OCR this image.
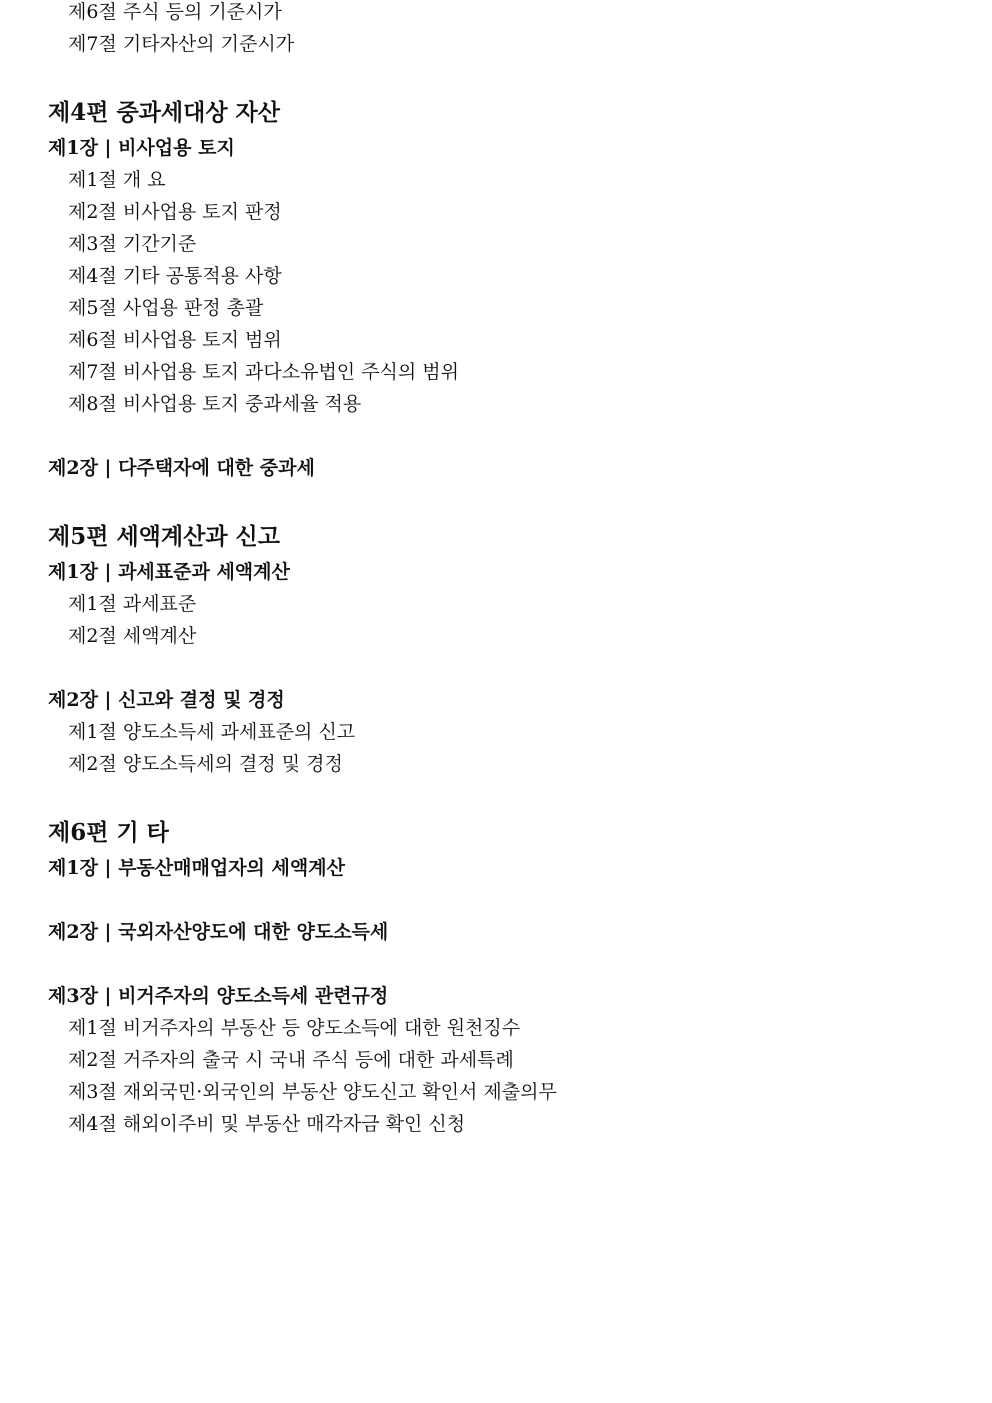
제6절 주식 등의 기준시가
제7절 기타자산의 기준시가
제4편 중과세대상 자산
제1장 | 비사업용 토지
제1절 개 요
제2절 비사업용 토지 판정
제3절 기간기준
제4절 기타 공통적용 사항
제5절 사업용 판정 총괄
제6절 비사업용 토지 범위
제7절 비사업용 토지 과다소유법인 주식의 범위
제8절 비사업용 토지 중과세율 적용
제2장 | 다주택자에 대한 중과세
제5편 세액계산과 신고
제1장 | 과세표준과 세액계산
제1절 과세표준
제2절 세액계산
제2장 | 신고와 결정 및 경정
제1절 양도소득세 과세표준의 신고
제2절 양도소득세의 결정 및 경정
제6편 기 타
제1장 | 부동산매매업자의 세액계산
제2장 | 국외자산양도에 대한 양도소득세
제3장 | 비거주자의 양도소득세 관련규정
제1절 비거주자의 부동산 등 양도소득에 대한 원천징수
제2절 거주자의 출국 시 국내 주식 등에 대한 과세특례
제3절 재외국민·외국인의 부동산 양도신고 확인서 제출의무
제4절 해외이주비 및 부동산 매각자금 확인 신청
